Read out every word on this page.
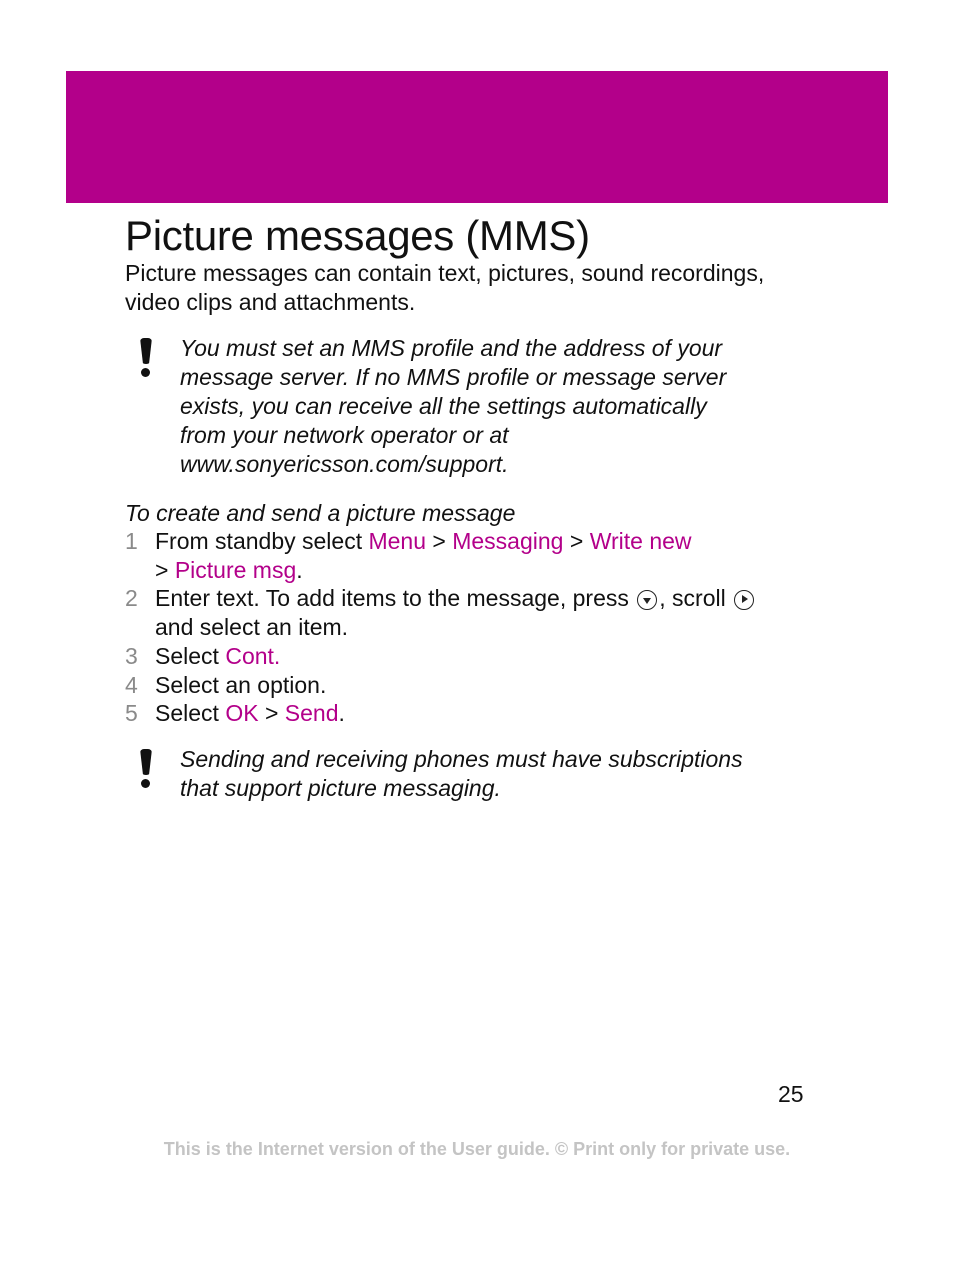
Picture messages (MMS)

Picture messages can contain text, pictures, sound recordings,
video clips and attachments.

You must set an MMS profile and the address of your
message server. If no MMS profile or message server
exists, you can receive all the settings automatically
from your network operator or at
www.sonyericsson.com/support.

To create and send a picture message

1 From standby select Menu > Messaging > Write new
> Picture msg.
2 Enter text. To add items to the message, press , scroll
and select an item.
3 Select Cont.
4 Select an option.
5 Select OK > Send.
Sending and receiving phones must have subscriptions
that support picture messaging.
25
This is the Internet version of the User guide. © Print only for private use.
